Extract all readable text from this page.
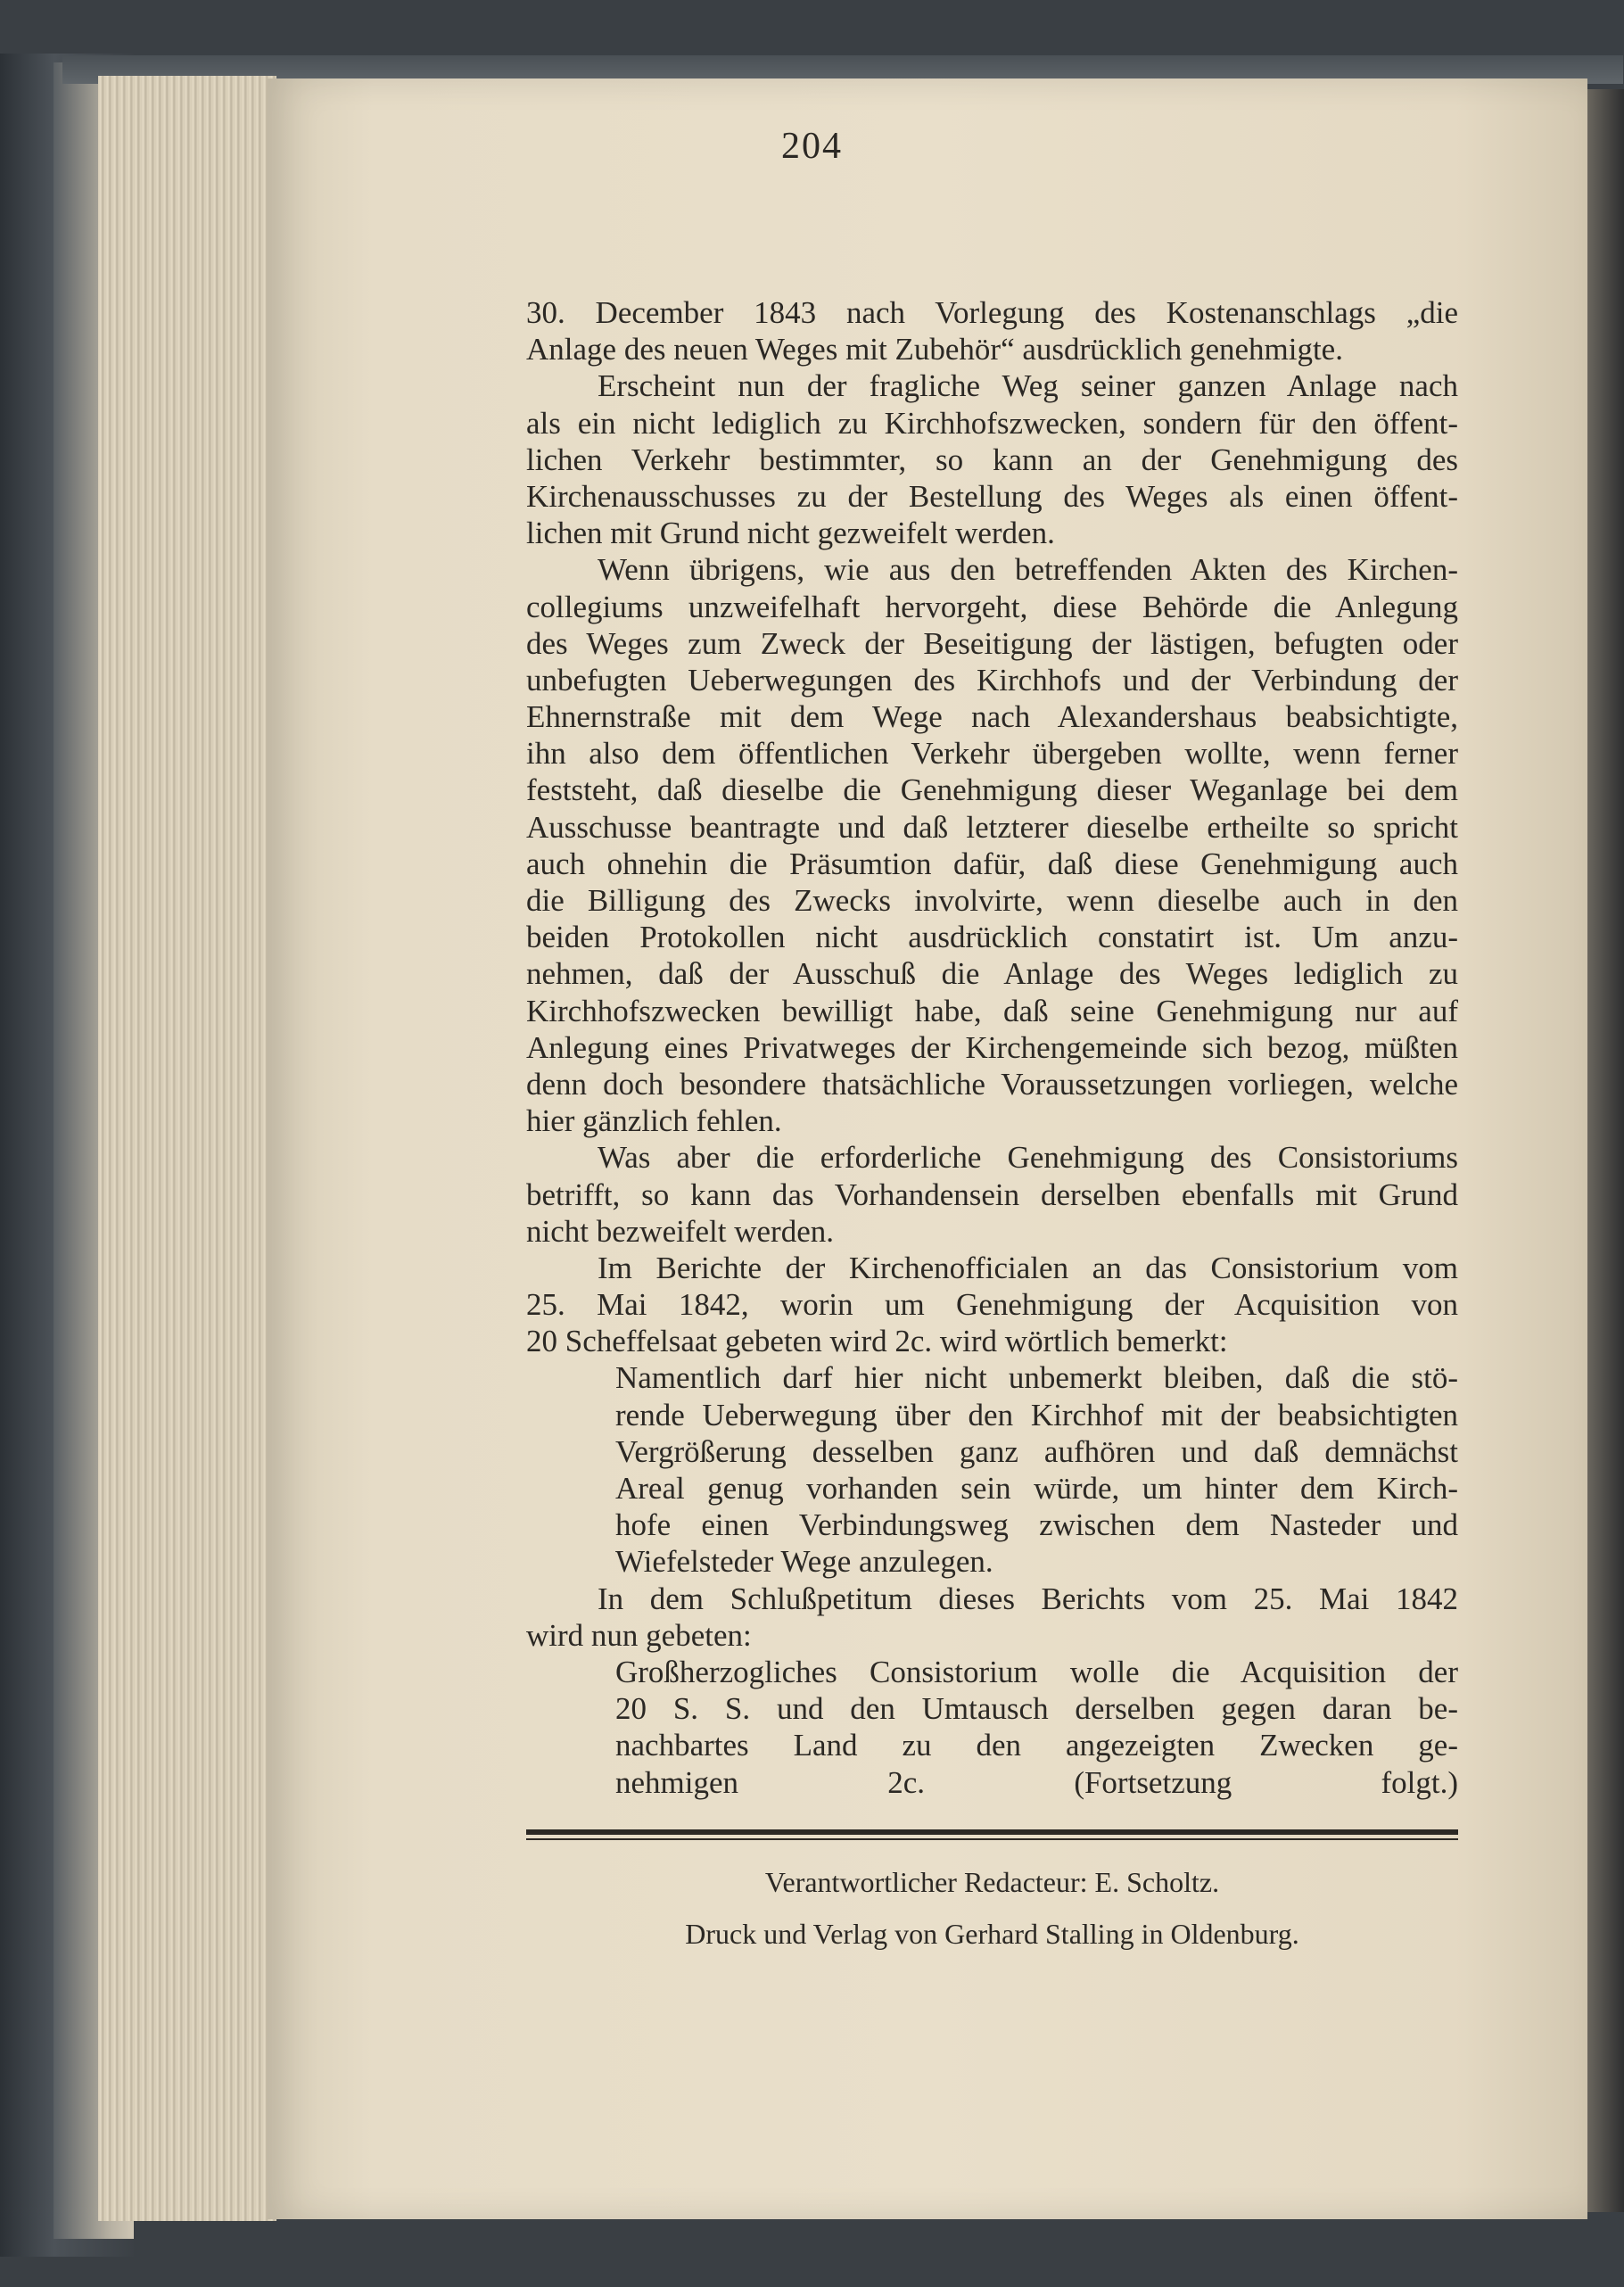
204
30. December 1843 nach Vorlegung des Kostenanschlags „die
Anlage des neuen Weges mit Zubehör“ ausdrücklich genehmigte.
Erscheint nun der fragliche Weg seiner ganzen Anlage nach
als ein nicht lediglich zu Kirchhofszwecken, sondern für den öffent-
lichen Verkehr bestimmter, so kann an der Genehmigung des
Kirchenausschusses zu der Bestellung des Weges als einen öffent-
lichen mit Grund nicht gezweifelt werden.
Wenn übrigens, wie aus den betreffenden Akten des Kirchen-
collegiums unzweifelhaft hervorgeht, diese Behörde die Anlegung
des Weges zum Zweck der Beseitigung der lästigen, befugten oder
unbefugten Ueberwegungen des Kirchhofs und der Verbindung der
Ehnernstraße mit dem Wege nach Alexandershaus beabsichtigte,
ihn also dem öffentlichen Verkehr übergeben wollte, wenn ferner
feststeht, daß dieselbe die Genehmigung dieser Weganlage bei dem
Ausschusse beantragte und daß letzterer dieselbe ertheilte so spricht
auch ohnehin die Präsumtion dafür, daß diese Genehmigung auch
die Billigung des Zwecks involvirte, wenn dieselbe auch in den
beiden Protokollen nicht ausdrücklich constatirt ist. Um anzu-
nehmen, daß der Ausschuß die Anlage des Weges lediglich zu
Kirchhofszwecken bewilligt habe, daß seine Genehmigung nur auf
Anlegung eines Privatweges der Kirchengemeinde sich bezog, müßten
denn doch besondere thatsächliche Voraussetzungen vorliegen, welche
hier gänzlich fehlen.
Was aber die erforderliche Genehmigung des Consistoriums
betrifft, so kann das Vorhandensein derselben ebenfalls mit Grund
nicht bezweifelt werden.
Im Berichte der Kirchenofficialen an das Consistorium vom
25. Mai 1842, worin um Genehmigung der Acquisition von
20 Scheffelsaat gebeten wird 2c. wird wörtlich bemerkt:
Namentlich darf hier nicht unbemerkt bleiben, daß die stö-
rende Ueberwegung über den Kirchhof mit der beabsichtigten
Vergrößerung desselben ganz aufhören und daß demnächst
Areal genug vorhanden sein würde, um hinter dem Kirch-
hofe einen Verbindungsweg zwischen dem Nasteder und
Wiefelsteder Wege anzulegen.
In dem Schlußpetitum dieses Berichts vom 25. Mai 1842
wird nun gebeten:
Großherzogliches Consistorium wolle die Acquisition der
20 S. S. und den Umtausch derselben gegen daran be-
nachbartes Land zu den angezeigten Zwecken ge-
nehmigen 2c. (Fortsetzung folgt.)
Verantwortlicher Redacteur: E. Scholtz.
Druck und Verlag von Gerhard Stalling in Oldenburg.
